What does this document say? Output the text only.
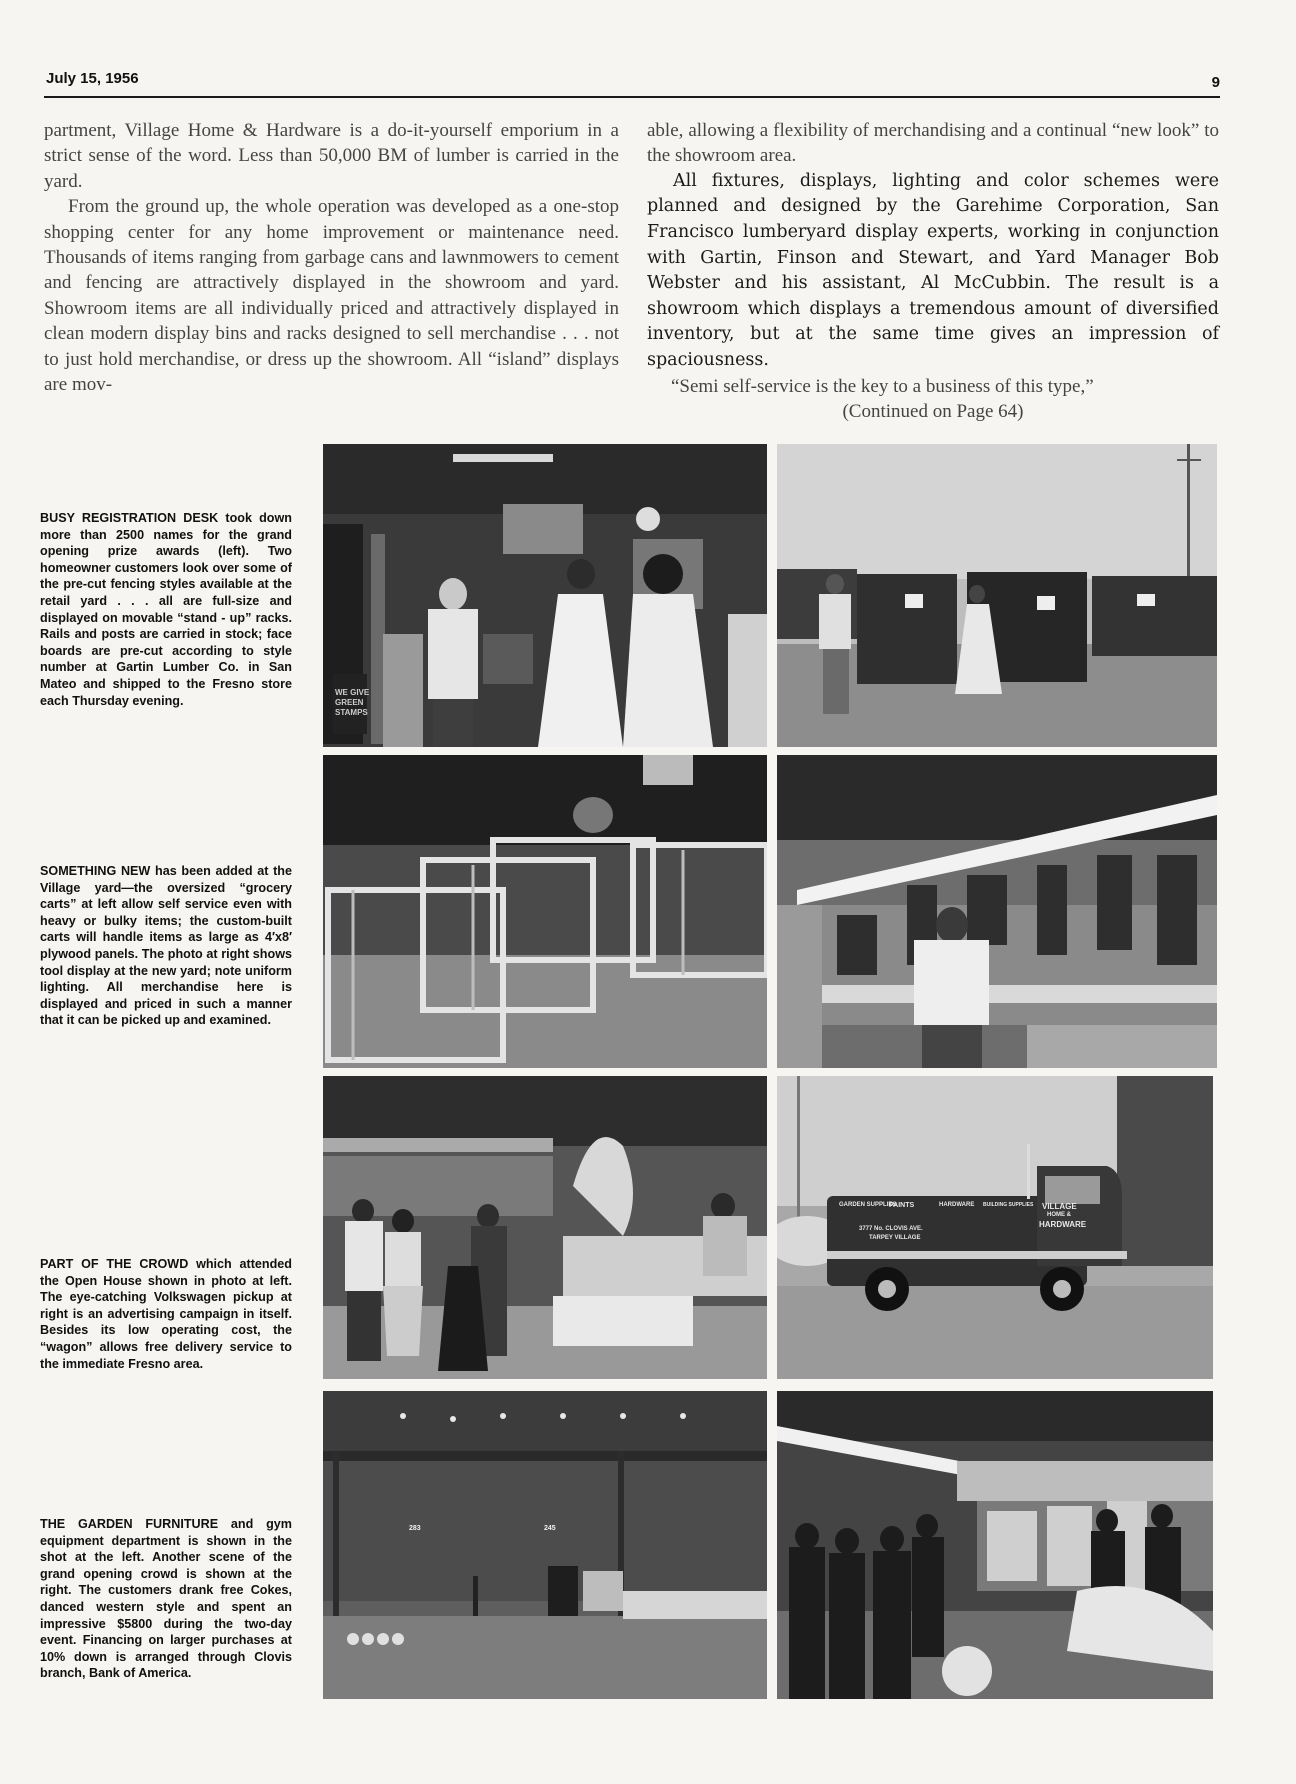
July 15, 1956	9

partment, Village Home & Hardware is a do-it-yourself emporium in a strict sense of the word. Less than 50,000 BM of lumber is carried in the yard.

From the ground up, the whole operation was developed as a one-stop shopping center for any home improvement or maintenance need. Thousands of items ranging from garbage cans and lawnmowers to cement and fencing are attractively displayed in the showroom and yard. Showroom items are all individually priced and attractively displayed in clean modern display bins and racks designed to sell merchandise . . . not to just hold merchandise, or dress up the showroom. All “island” displays are mov-

able, allowing a flexibility of merchandising and a continual “new look” to the showroom area.

All fixtures, displays, lighting and color schemes were planned and designed by the Garehime Corporation, San Francisco lumberyard display experts, working in conjunction with Gartin, Finson and Stewart, and Yard Manager Bob Webster and his assistant, Al McCubbin. The result is a showroom which displays a tremendous amount of diversified inventory, but at the same time gives an impression of spaciousness.

“Semi self-service is the key to a business of this type,”

(Continued on Page 64)

BUSY REGISTRATION DESK took down more than 2500 names for the grand opening prize awards (left). Two homeowner customers look over some of the pre-cut fencing styles available at the retail yard . . . all are full-size and displayed on movable “stand - up” racks. Rails and posts are carried in stock; face boards are pre-cut according to style number at Gartin Lumber Co. in San Mateo and shipped to the Fresno store each Thursday evening.
SOMETHING NEW has been added at the Village yard—the oversized “grocery carts” at left allow self service even with heavy or bulky items; the custom-built carts will handle items as large as 4′x8′ plywood panels. The photo at right shows tool display at the new yard; note uniform lighting. All merchandise here is displayed and priced in such a manner that it can be picked up and examined.
PART OF THE CROWD which attended the Open House shown in photo at left. The eye-catching Volkswagen pickup at right is an advertising campaign in itself. Besides its low operating cost, the “wagon” allows free delivery service to the immediate Fresno area.
THE GARDEN FURNITURE and gym equipment department is shown in the shot at the left. Another scene of the grand opening crowd is shown at the right. The customers drank free Cokes, danced western style and spent an impressive $5800 during the two-day event. Financing on larger purchases at 10% down is arranged through Clovis branch, Bank of America.
WE GIVE
GREEN
STAMPS
GARDEN SUPPLIES
PAINTS	HARDWARE BUILDING SUPPLIES VILLAGE
HOME &
HARDWARE
3777 No. CLOVIS AVE.
TARPEY VILLAGE
283	245
